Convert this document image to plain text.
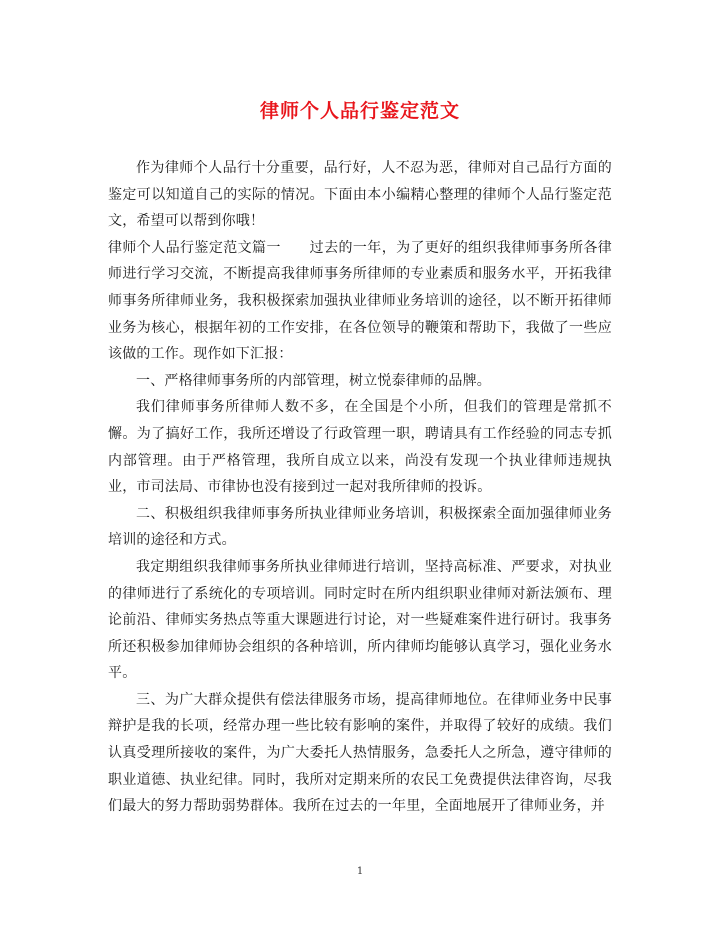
律师个人品行鉴定范文

作为律师个人品行十分重要，品行好，人不忍为恶，律师对自己品行方面的鉴定可以知道自己的实际的情况。下面由本小编精心整理的律师个人品行鉴定范文，希望可以帮到你哦！

律师个人品行鉴定范文篇一　　过去的一年，为了更好的组织我律师事务所各律师进行学习交流，不断提高我律师事务所律师的专业素质和服务水平，开拓我律师事务所律师业务，我积极探索加强执业律师业务培训的途径，以不断开拓律师业务为核心，根据年初的工作安排，在各位领导的鞭策和帮助下，我做了一些应该做的工作。现作如下汇报：

一、严格律师事务所的内部管理，树立悦泰律师的品牌。

我们律师事务所律师人数不多，在全国是个小所，但我们的管理是常抓不懈。为了搞好工作，我所还增设了行政管理一职，聘请具有工作经验的同志专抓内部管理。由于严格管理，我所自成立以来，尚没有发现一个执业律师违规执业，市司法局、市律协也没有接到过一起对我所律师的投诉。

二、积极组织我律师事务所执业律师业务培训，积极探索全面加强律师业务培训的途径和方式。

我定期组织我律师事务所执业律师进行培训，坚持高标准、严要求，对执业的律师进行了系统化的专项培训。同时定时在所内组织职业律师对新法颁布、理论前沿、律师实务热点等重大课题进行讨论，对一些疑难案件进行研讨。我事务所还积极参加律师协会组织的各种培训，所内律师均能够认真学习，强化业务水平。

三、为广大群众提供有偿法律服务市场，提高律师地位。在律师业务中民事辩护是我的长项，经常办理一些比较有影响的案件，并取得了较好的成绩。我们认真受理所接收的案件，为广大委托人热情服务，急委托人之所急，遵守律师的职业道德、执业纪律。同时，我所对定期来所的农民工免费提供法律咨询，尽我们最大的努力帮助弱势群体。我所在过去的一年里，全面地展开了律师业务，并

1
